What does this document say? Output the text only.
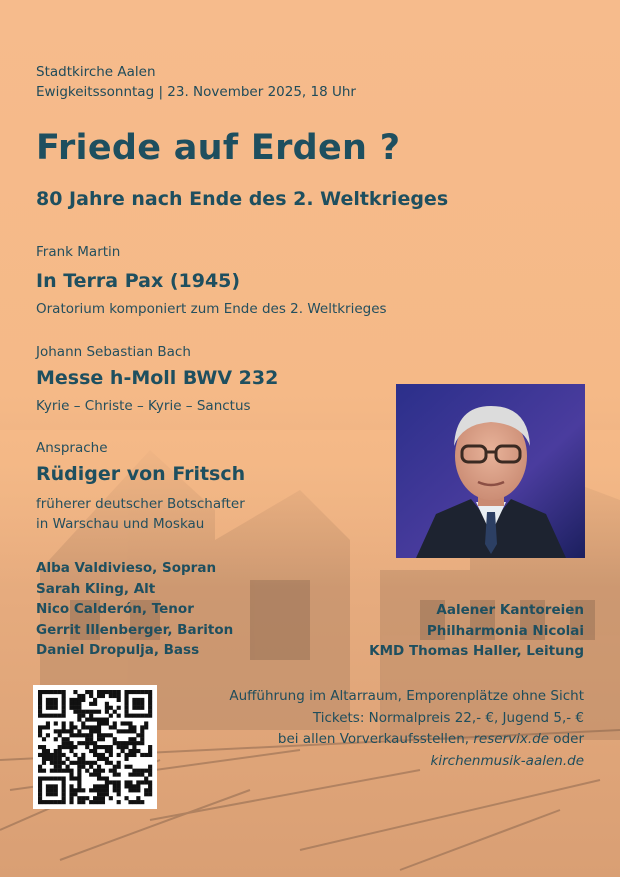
Stadtkirche Aalen
Ewigkeitssonntag | 23. November 2025, 18 Uhr
Friede auf Erden ?
80 Jahre nach Ende des 2. Weltkrieges
Frank Martin
In Terra Pax (1945)
Oratorium komponiert zum Ende des 2. Weltkrieges
Johann Sebastian Bach
Messe h-Moll BWV 232
Kyrie – Christe – Kyrie – Sanctus
Ansprache
Rüdiger von Fritsch
früherer deutscher Botschafter
in Warschau und Moskau
Alba Valdivieso, Sopran
Sarah Kling, Alt
Nico Calderón, Tenor
Gerrit Illenberger, Bariton
Daniel Dropulja, Bass
Aalener Kantoreien
Philharmonia Nicolai
KMD Thomas Haller, Leitung
Aufführung im Altarraum, Emporenplätze ohne Sicht
Tickets: Normalpreis 22,- €, Jugend 5,- €
bei allen Vorverkaufsstellen, reservix.de oder
kirchenmusik-aalen.de
